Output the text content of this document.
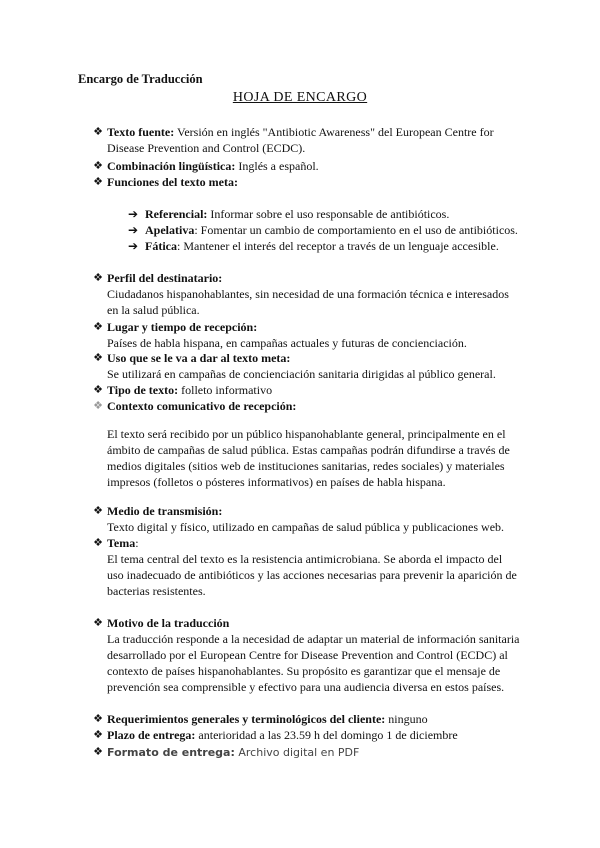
Encargo de Traducción
HOJA DE ENCARGO
❖ Texto fuente: Versión en inglés "Antibiotic Awareness" del European Centre for
Disease Prevention and Control (ECDC).
❖ Combinación lingüística: Inglés a español.
❖ Funciones del texto meta:
➔ Referencial: Informar sobre el uso responsable de antibióticos.
➔ Apelativa: Fomentar un cambio de comportamiento en el uso de antibióticos.
➔ Fática: Mantener el interés del receptor a través de un lenguaje accesible.
❖ Perfil del destinatario:
Ciudadanos hispanohablantes, sin necesidad de una formación técnica e interesados
en la salud pública.
❖ Lugar y tiempo de recepción:
Países de habla hispana, en campañas actuales y futuras de concienciación.
❖ Uso que se le va a dar al texto meta:
Se utilizará en campañas de concienciación sanitaria dirigidas al público general.
❖ Tipo de texto: folleto informativo
❖ Contexto comunicativo de recepción:
El texto será recibido por un público hispanohablante general, principalmente en el
ámbito de campañas de salud pública. Estas campañas podrán difundirse a través de
medios digitales (sitios web de instituciones sanitarias, redes sociales) y materiales
impresos (folletos o pósteres informativos) en países de habla hispana.
❖ Medio de transmisión:
Texto digital y físico, utilizado en campañas de salud pública y publicaciones web.
❖ Tema:
El tema central del texto es la resistencia antimicrobiana. Se aborda el impacto del
uso inadecuado de antibióticos y las acciones necesarias para prevenir la aparición de
bacterias resistentes.
❖ Motivo de la traducción
La traducción responde a la necesidad de adaptar un material de información sanitaria
desarrollado por el European Centre for Disease Prevention and Control (ECDC) al
contexto de países hispanohablantes. Su propósito es garantizar que el mensaje de
prevención sea comprensible y efectivo para una audiencia diversa en estos países.
❖ Requerimientos generales y terminológicos del cliente: ninguno
❖ Plazo de entrega: anterioridad a las 23.59 h del domingo 1 de diciembre
❖ Formato de entrega: Archivo digital en PDF
